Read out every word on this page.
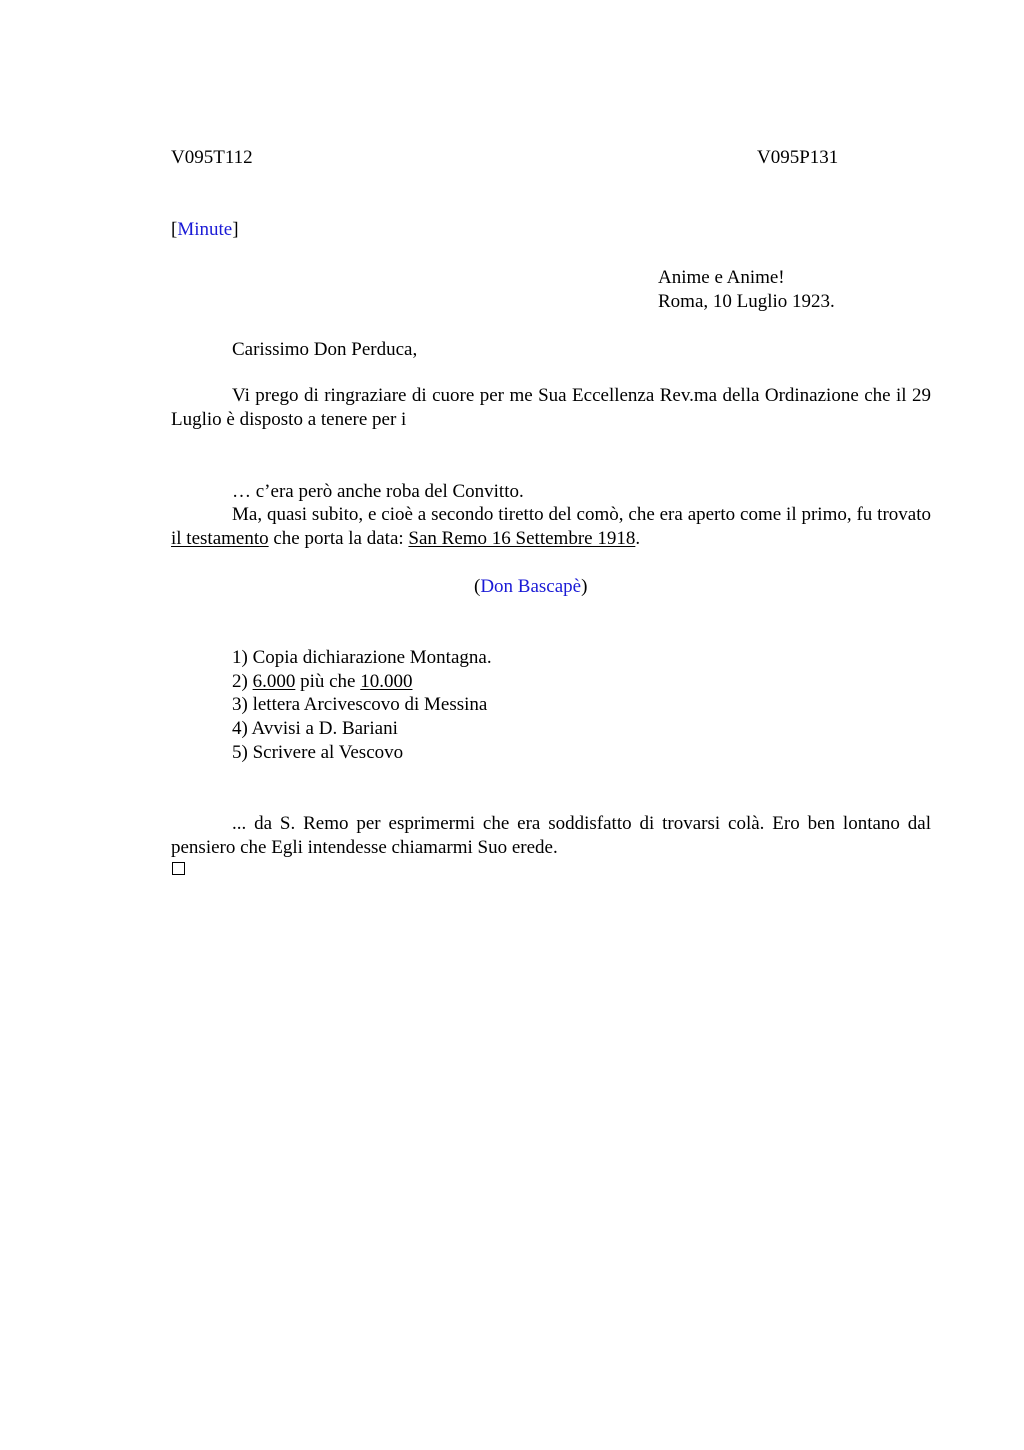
V095T112	V095P131
[Minute]
Anime e Anime!
Roma, 10 Luglio 1923.
Carissimo Don Perduca,
Vi prego di ringraziare di cuore per me Sua Eccellenza Rev.ma della Ordinazione che il 29 Luglio è disposto a tenere per i
… c’era però anche roba del Convitto.
Ma, quasi subito, e cioè a secondo tiretto del comò, che era aperto come il primo, fu trovato il testamento che porta la data: San Remo 16 Settembre 1918.
(Don Bascapè)
1) Copia dichiarazione Montagna.
2) 6.000 più che 10.000
3) lettera Arcivescovo di Messina
4) Avvisi a D. Bariani
5) Scrivere al Vescovo
... da S. Remo per esprimermi che era soddisfatto di trovarsi colà. Ero ben lontano dal pensiero che Egli intendesse chiamarmi Suo erede.
